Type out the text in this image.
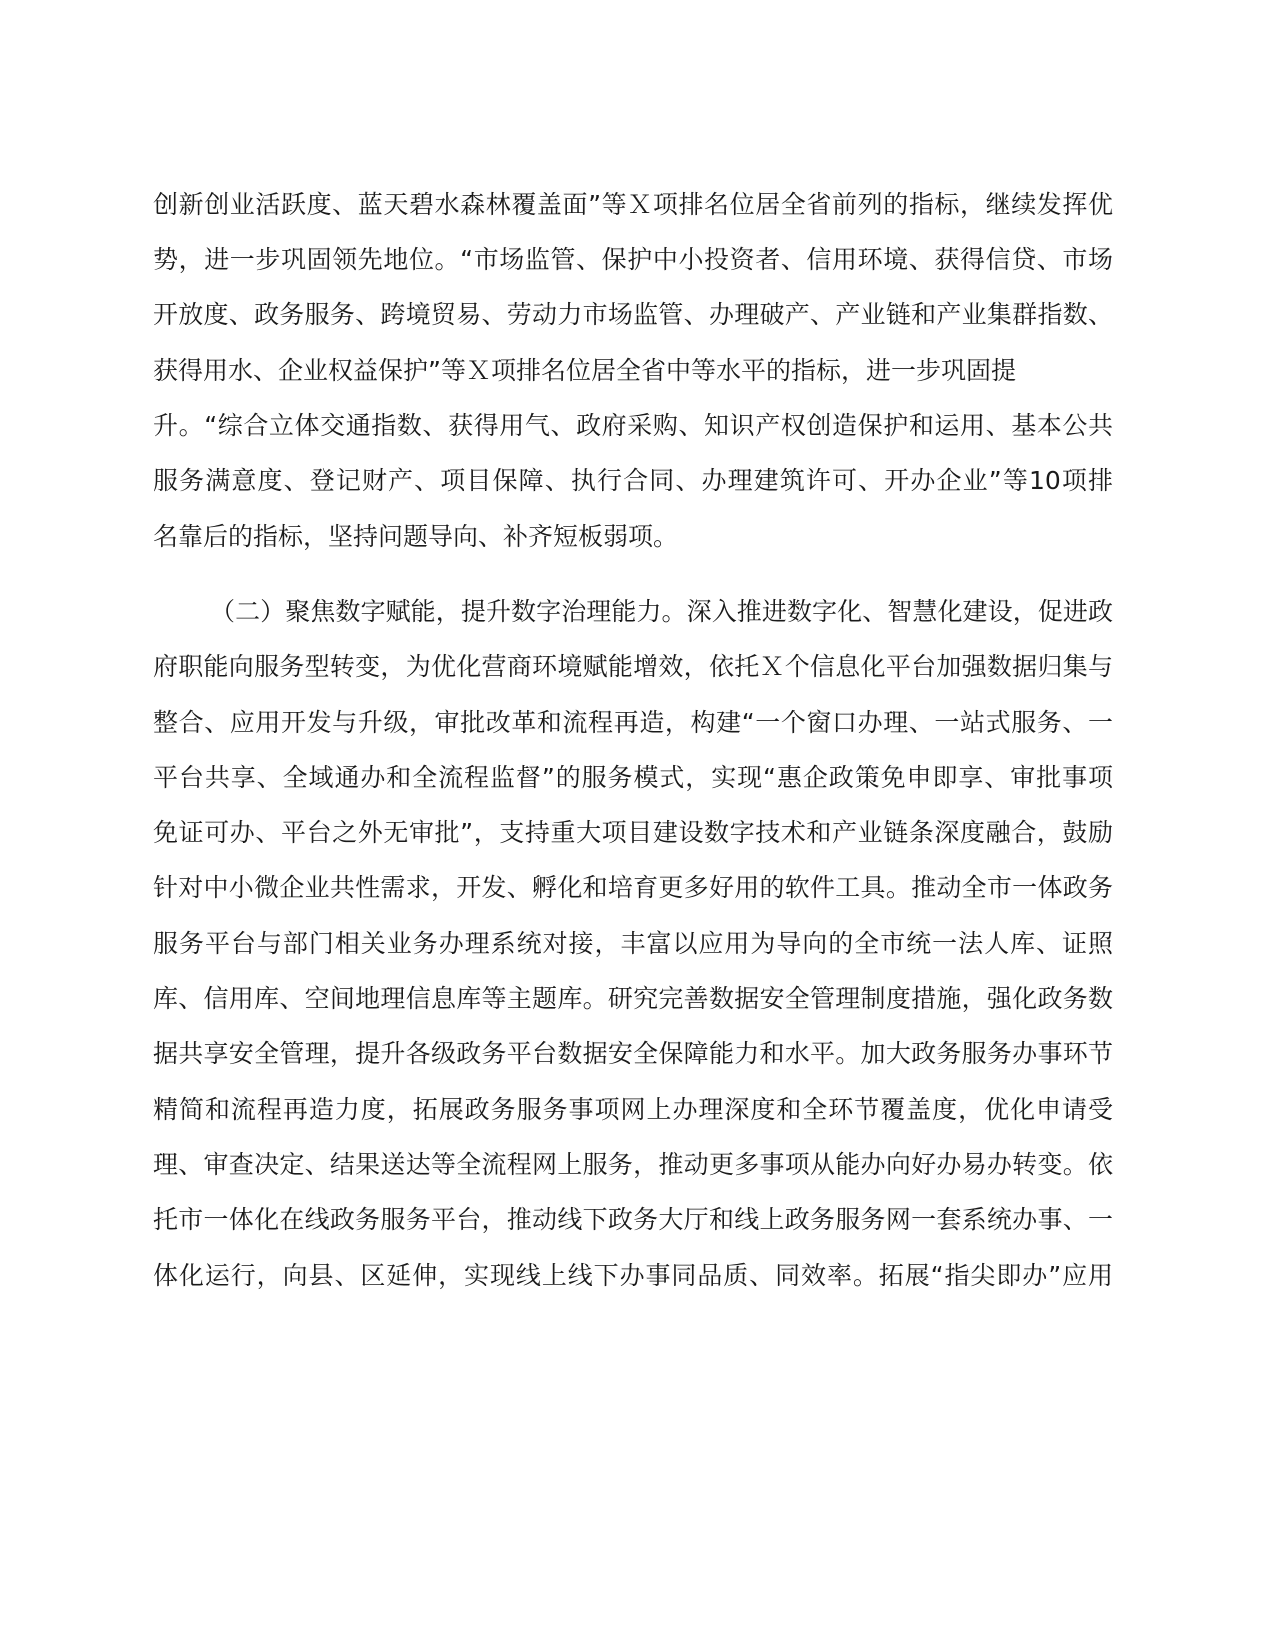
创新创业活跃度、蓝天碧水森林覆盖面”等Ｘ项排名位居全省前列的指标，继续发挥优
势，进一步巩固领先地位。“市场监管、保护中小投资者、信用环境、获得信贷、市场
开放度、政务服务、跨境贸易、劳动力市场监管、办理破产、产业链和产业集群指数、
获得用水、企业权益保护”等Ｘ项排名位居全省中等水平的指标，进一步巩固提
升。“综合立体交通指数、获得用气、政府采购、知识产权创造保护和运用、基本公共
服务满意度、登记财产、项目保障、执行合同、办理建筑许可、开办企业”等10项排
名靠后的指标，坚持问题导向、补齐短板弱项。
（二）聚焦数字赋能，提升数字治理能力。深入推进数字化、智慧化建设，促进政
府职能向服务型转变，为优化营商环境赋能增效，依托Ｘ个信息化平台加强数据归集与
整合、应用开发与升级，审批改革和流程再造，构建“一个窗口办理、一站式服务、一
平台共享、全域通办和全流程监督”的服务模式，实现“惠企政策免申即享、审批事项
免证可办、平台之外无审批”，支持重大项目建设数字技术和产业链条深度融合，鼓励
针对中小微企业共性需求，开发、孵化和培育更多好用的软件工具。推动全市一体政务
服务平台与部门相关业务办理系统对接，丰富以应用为导向的全市统一法人库、证照
库、信用库、空间地理信息库等主题库。研究完善数据安全管理制度措施，强化政务数
据共享安全管理，提升各级政务平台数据安全保障能力和水平。加大政务服务办事环节
精简和流程再造力度，拓展政务服务事项网上办理深度和全环节覆盖度，优化申请受
理、审查决定、结果送达等全流程网上服务，推动更多事项从能办向好办易办转变。依
托市一体化在线政务服务平台，推动线下政务大厅和线上政务服务网一套系统办事、一
体化运行，向县、区延伸，实现线上线下办事同品质、同效率。拓展“指尖即办”应用
